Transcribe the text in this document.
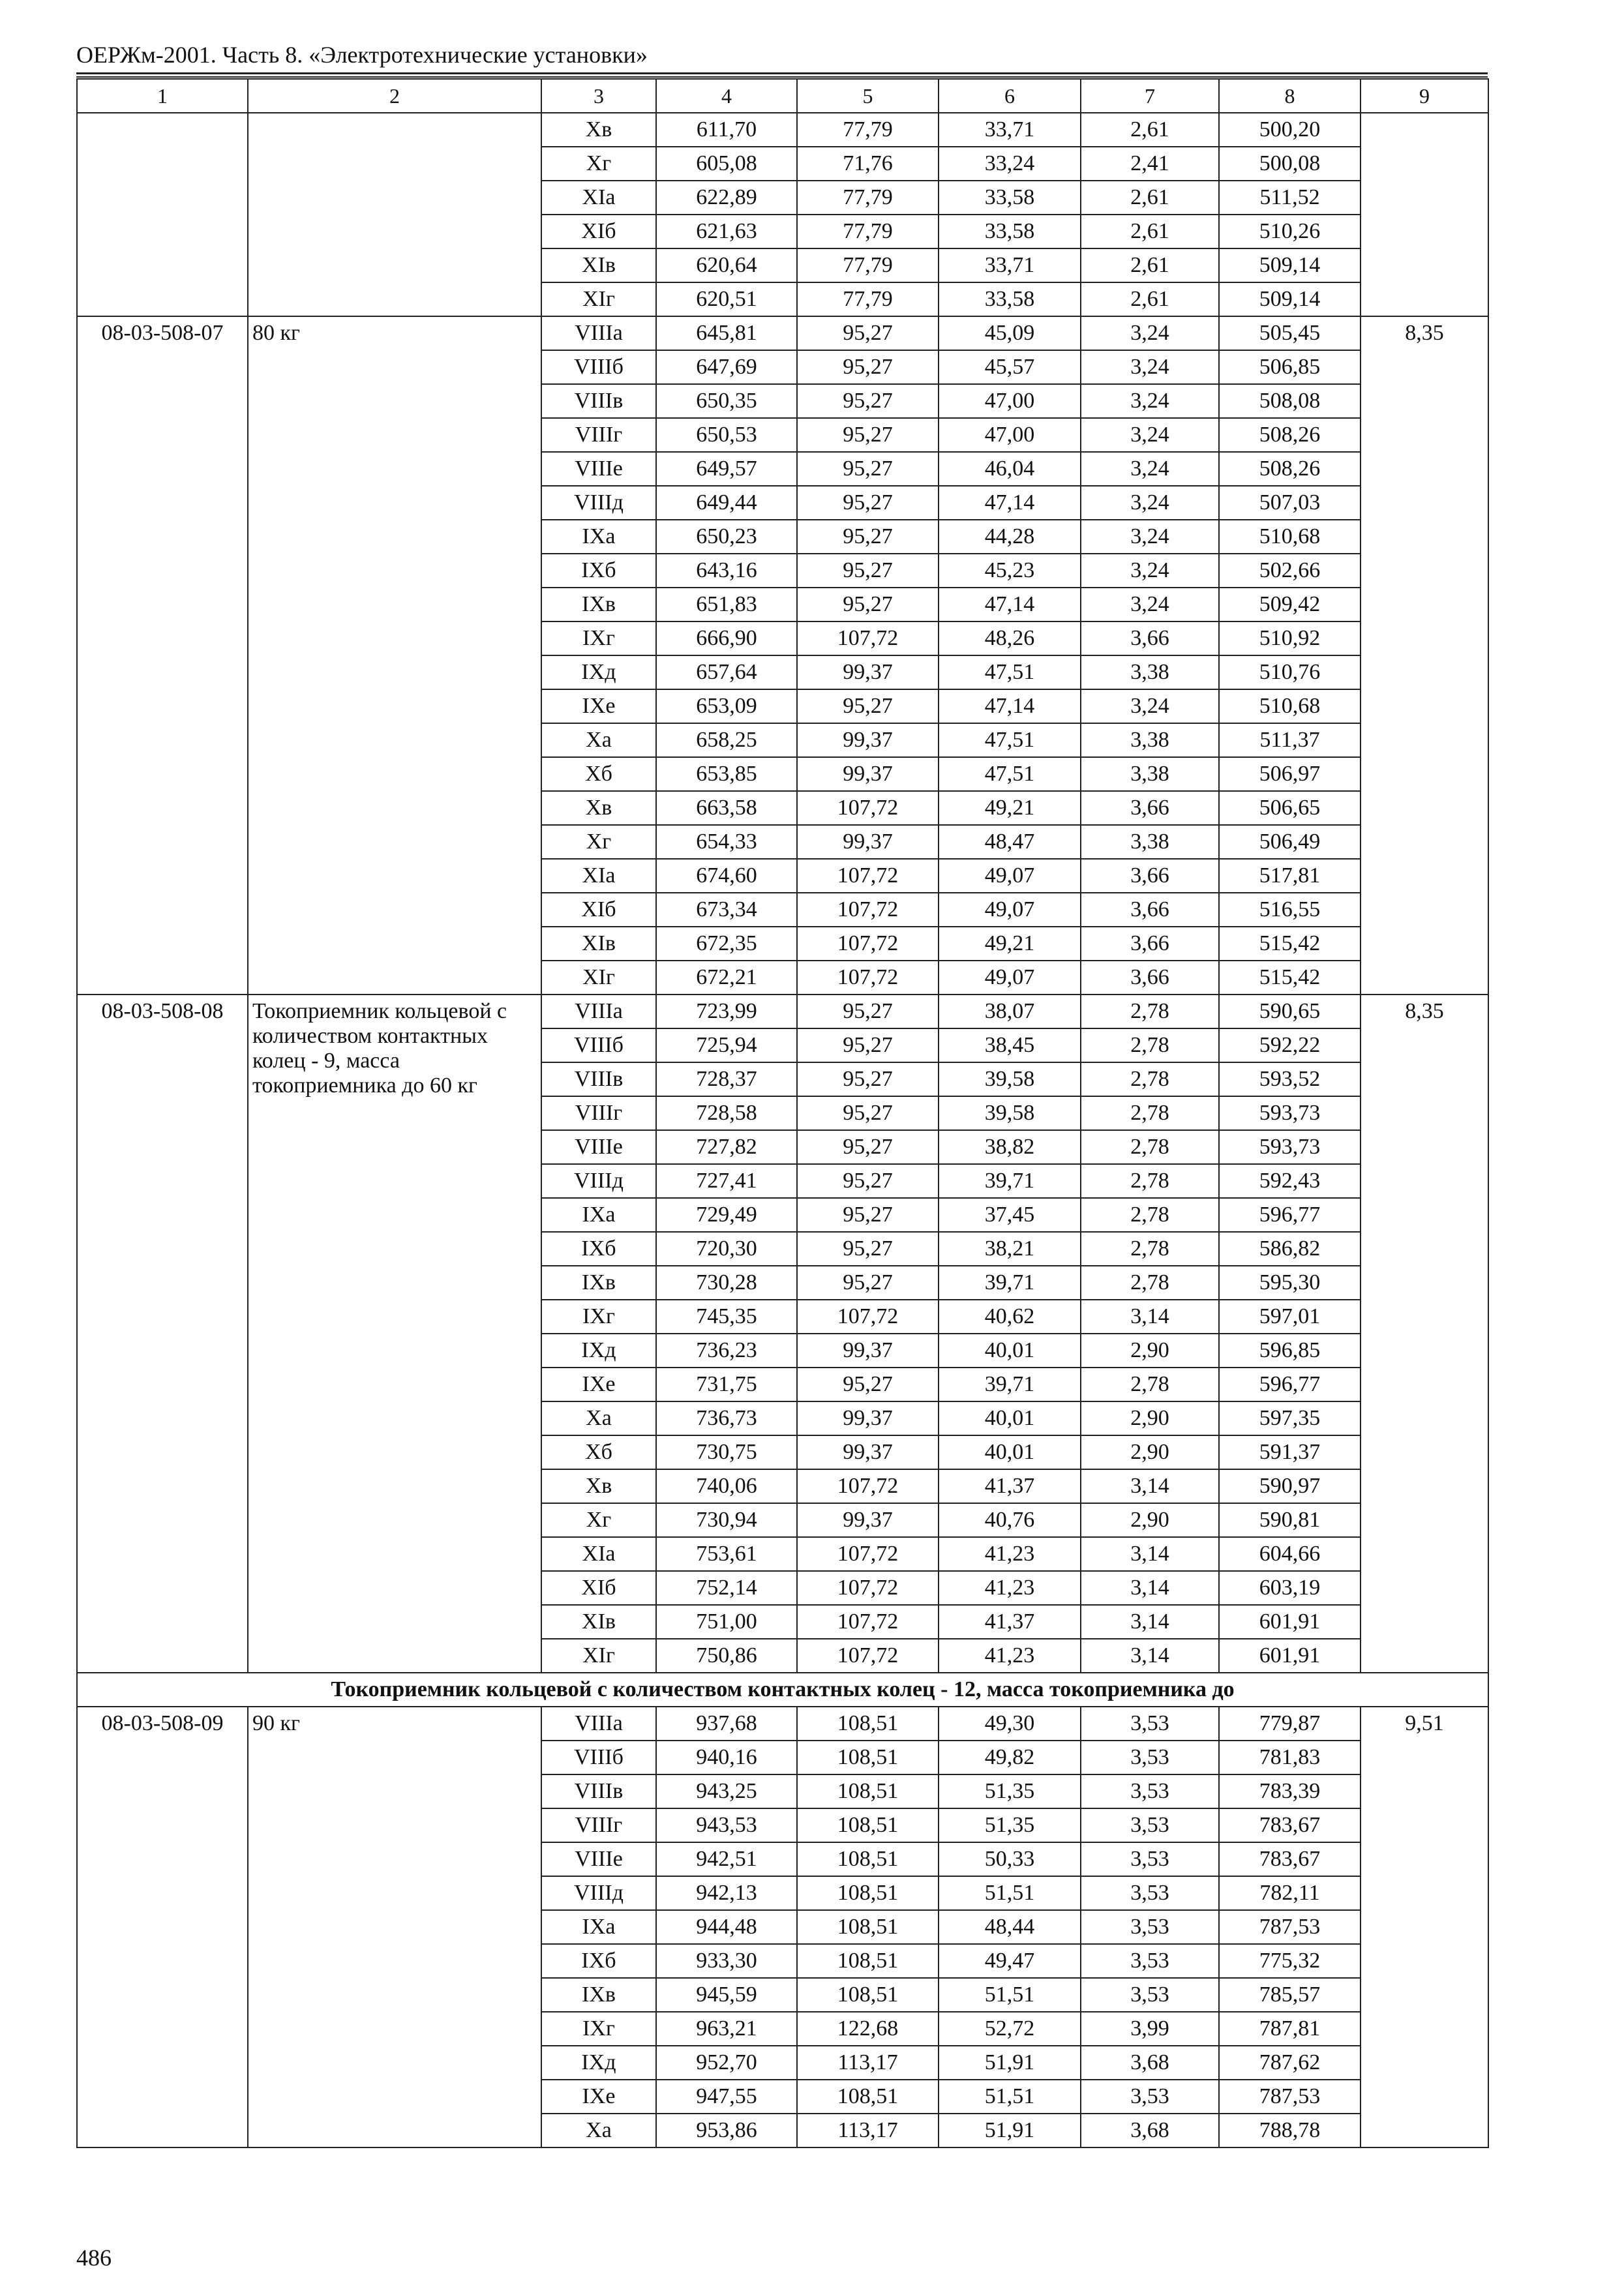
ОЕРЖм-2001. Часть 8. «Электротехнические установки»
1	2	3	4	5	6	7	8	9
		Хв	611,70	77,79	33,71	2,61	500,20	
		Хг	605,08	71,76	33,24	2,41	500,08	
		ХIа	622,89	77,79	33,58	2,61	511,52	
		ХIб	621,63	77,79	33,58	2,61	510,26	
		ХIв	620,64	77,79	33,71	2,61	509,14	
		ХIг	620,51	77,79	33,58	2,61	509,14	
08-03-508-07	80 кг	VIIIа	645,81	95,27	45,09	3,24	505,45	8,35
		VIIIб	647,69	95,27	45,57	3,24	506,85	
		VIIIв	650,35	95,27	47,00	3,24	508,08	
		VIIIг	650,53	95,27	47,00	3,24	508,26	
		VIIIе	649,57	95,27	46,04	3,24	508,26	
		VIIIд	649,44	95,27	47,14	3,24	507,03	
		IХа	650,23	95,27	44,28	3,24	510,68	
		IХб	643,16	95,27	45,23	3,24	502,66	
		IХв	651,83	95,27	47,14	3,24	509,42	
		IХг	666,90	107,72	48,26	3,66	510,92	
		IХд	657,64	99,37	47,51	3,38	510,76	
		IХе	653,09	95,27	47,14	3,24	510,68	
		Ха	658,25	99,37	47,51	3,38	511,37	
		Хб	653,85	99,37	47,51	3,38	506,97	
		Хв	663,58	107,72	49,21	3,66	506,65	
		Хг	654,33	99,37	48,47	3,38	506,49	
		ХIа	674,60	107,72	49,07	3,66	517,81	
		ХIб	673,34	107,72	49,07	3,66	516,55	
		ХIв	672,35	107,72	49,21	3,66	515,42	
		ХIг	672,21	107,72	49,07	3,66	515,42	
08-03-508-08	Токоприемник кольцевой с количеством контактных колец - 9, масса токоприемника до 60 кг	VIIIа	723,99	95,27	38,07	2,78	590,65	8,35
		VIIIб	725,94	95,27	38,45	2,78	592,22	
		VIIIв	728,37	95,27	39,58	2,78	593,52	
		VIIIг	728,58	95,27	39,58	2,78	593,73	
		VIIIе	727,82	95,27	38,82	2,78	593,73	
		VIIIд	727,41	95,27	39,71	2,78	592,43	
		IХа	729,49	95,27	37,45	2,78	596,77	
		IХб	720,30	95,27	38,21	2,78	586,82	
		IХв	730,28	95,27	39,71	2,78	595,30	
		IХг	745,35	107,72	40,62	3,14	597,01	
		IХд	736,23	99,37	40,01	2,90	596,85	
		IХе	731,75	95,27	39,71	2,78	596,77	
		Ха	736,73	99,37	40,01	2,90	597,35	
		Хб	730,75	99,37	40,01	2,90	591,37	
		Хв	740,06	107,72	41,37	3,14	590,97	
		Хг	730,94	99,37	40,76	2,90	590,81	
		ХIа	753,61	107,72	41,23	3,14	604,66	
		ХIб	752,14	107,72	41,23	3,14	603,19	
		ХIв	751,00	107,72	41,37	3,14	601,91	
		ХIг	750,86	107,72	41,23	3,14	601,91	
Токоприемник кольцевой с количеством контактных колец - 12, масса токоприемника до								
08-03-508-09	90 кг	VIIIа	937,68	108,51	49,30	3,53	779,87	9,51
		VIIIб	940,16	108,51	49,82	3,53	781,83	
		VIIIв	943,25	108,51	51,35	3,53	783,39	
		VIIIг	943,53	108,51	51,35	3,53	783,67	
		VIIIе	942,51	108,51	50,33	3,53	783,67	
		VIIIд	942,13	108,51	51,51	3,53	782,11	
		IХа	944,48	108,51	48,44	3,53	787,53	
		IХб	933,30	108,51	49,47	3,53	775,32	
		IХв	945,59	108,51	51,51	3,53	785,57	
		IХг	963,21	122,68	52,72	3,99	787,81	
		IХд	952,70	113,17	51,91	3,68	787,62	
		IХе	947,55	108,51	51,51	3,53	787,53	
		Ха	953,86	113,17	51,91	3,68	788,78	
486
